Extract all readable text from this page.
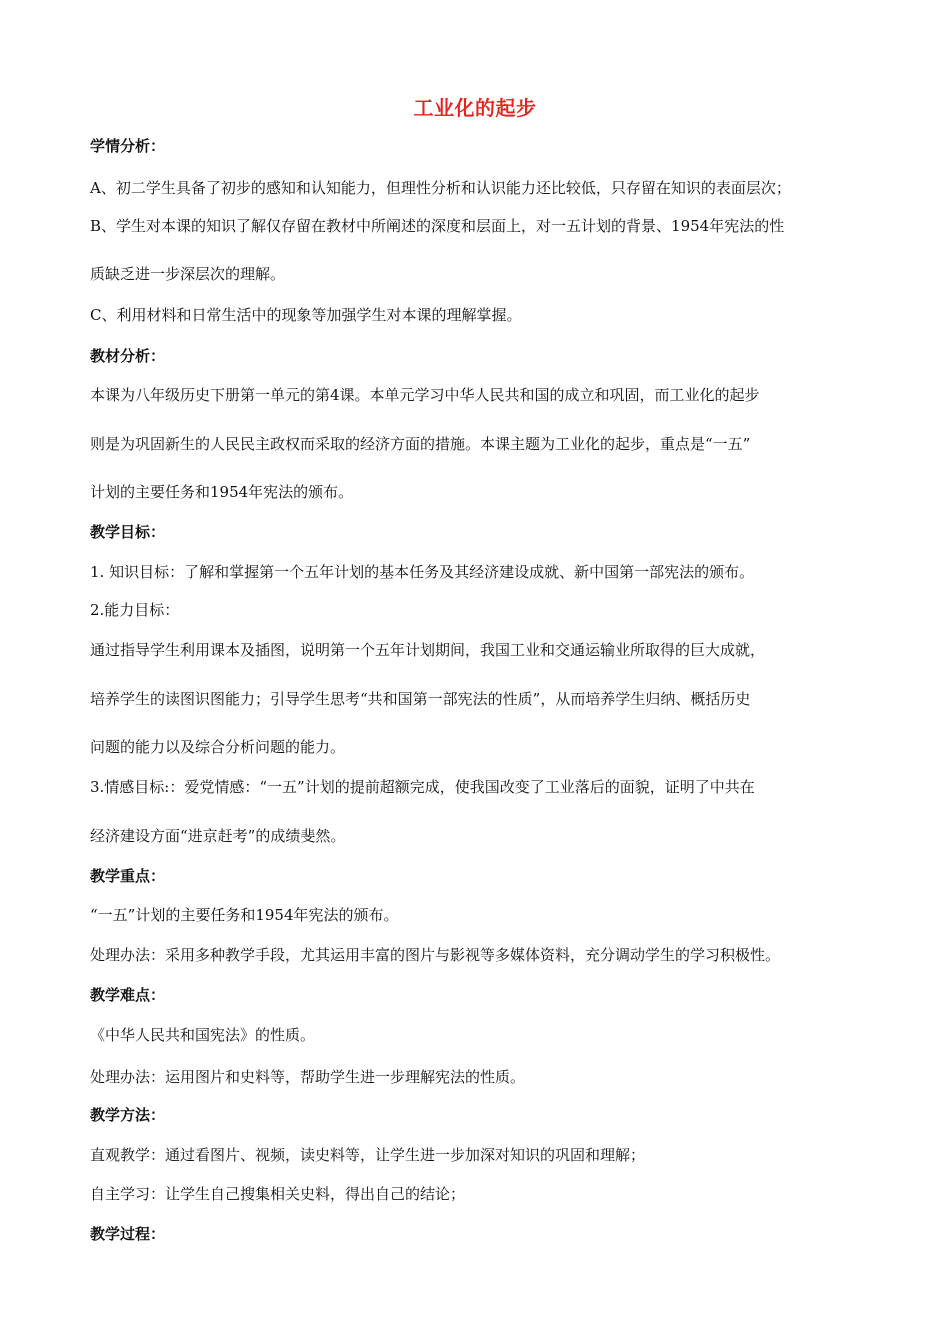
工业化的起步
学情分析：
A、初二学生具备了初步的感知和认知能力，但理性分析和认识能力还比较低，只存留在知识的表面层次；
B、学生对本课的知识了解仅存留在教材中所阐述的深度和层面上，对一五计划的背景、1954年宪法的性
质缺乏进一步深层次的理解。
C、利用材料和日常生活中的现象等加强学生对本课的理解掌握。
教材分析：
本课为八年级历史下册第一单元的第4课。本单元学习中华人民共和国的成立和巩固，而工业化的起步
则是为巩固新生的人民民主政权而采取的经济方面的措施。本课主题为工业化的起步，重点是“一五”
计划的主要任务和1954年宪法的颁布。
教学目标：
1. 知识目标：了解和掌握第一个五年计划的基本任务及其经济建设成就、新中国第一部宪法的颁布。
2.能力目标：
通过指导学生利用课本及插图，说明第一个五年计划期间，我国工业和交通运输业所取得的巨大成就，
培养学生的读图识图能力；引导学生思考“共和国第一部宪法的性质”，从而培养学生归纳、概括历史
问题的能力以及综合分析问题的能力。
3.情感目标:：爱党情感：“一五”计划的提前超额完成，使我国改变了工业落后的面貌，证明了中共在
经济建设方面“进京赶考”的成绩斐然。
教学重点：
“一五”计划的主要任务和1954年宪法的颁布。
处理办法：采用多种教学手段，尤其运用丰富的图片与影视等多媒体资料，充分调动学生的学习积极性。
教学难点：
《中华人民共和国宪法》的性质。
处理办法：运用图片和史料等，帮助学生进一步理解宪法的性质。
教学方法：
直观教学：通过看图片、视频，读史料等，让学生进一步加深对知识的巩固和理解；
自主学习：让学生自己搜集相关史料，得出自己的结论；
教学过程：
